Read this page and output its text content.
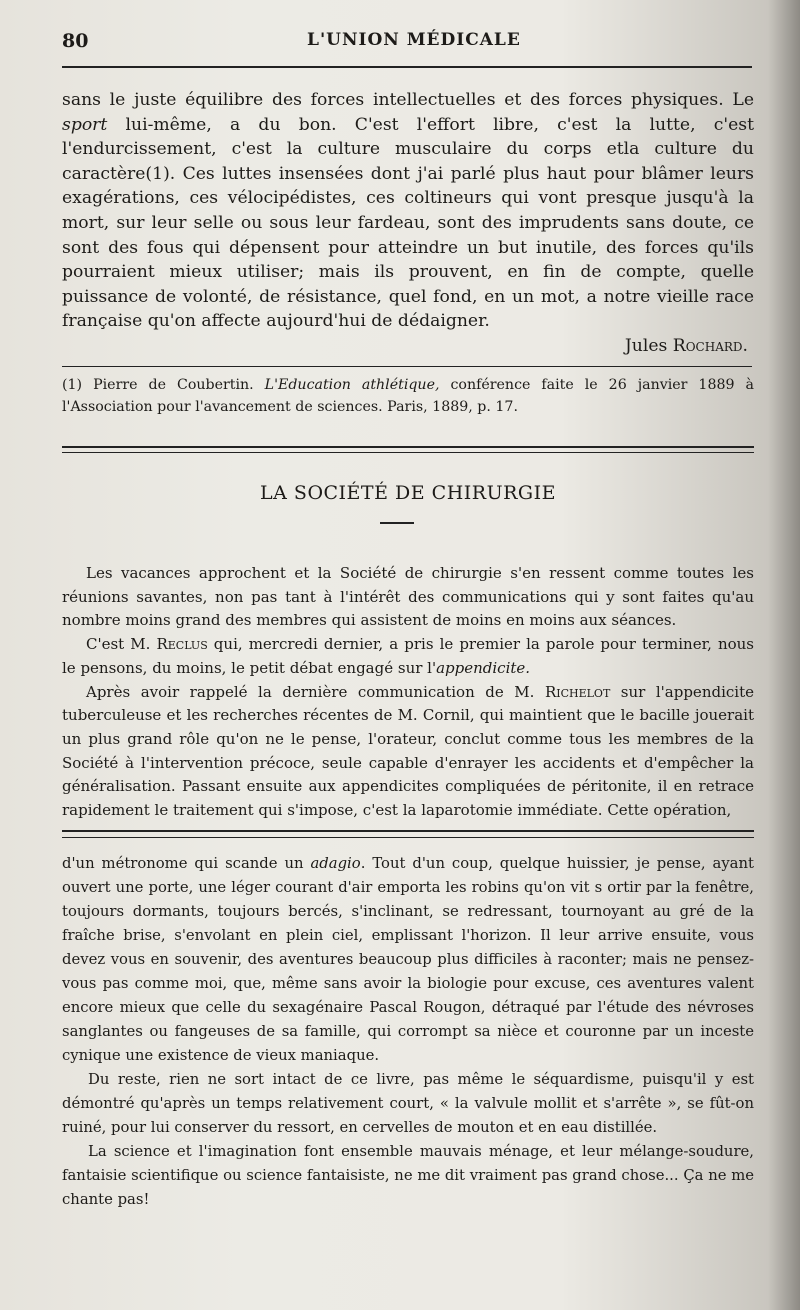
80	L'UNION MÉDICALE

sans le juste équilibre des forces intellectuelles et des forces physiques. Le sport lui-même, a du bon. C'est l'effort libre, c'est la lutte, c'est l'endurcissement, c'est la culture musculaire du corps etla culture du caractère(1). Ces luttes insensées dont j'ai parlé plus haut pour blâmer leurs exagérations, ces vélocipédistes, ces coltineurs qui vont presque jusqu'à la mort, sur leur selle ou sous leur fardeau, sont des imprudents sans doute, ce sont des fous qui dépensent pour atteindre un but inutile, des forces qu'ils pourraient mieux utiliser; mais ils prouvent, en fin de compte, quelle puissance de volonté, de résistance, quel fond, en un mot, a notre vieille race française qu'on affecte aujourd'hui de dédaigner.

Jules Rochard.

(1) Pierre de Coubertin. L'Education athlétique, conférence faite le 26 janvier 1889 à l'Association pour l'avancement de sciences. Paris, 1889, p. 17.

LA SOCIÉTÉ DE CHIRURGIE

Les vacances approchent et la Société de chirurgie s'en ressent comme toutes les réunions savantes, non pas tant à l'intérêt des communications qui y sont faites qu'au nombre moins grand des membres qui assistent de moins en moins aux séances.

C'est M. Reclus qui, mercredi dernier, a pris le premier la parole pour terminer, nous le pensons, du moins, le petit débat engagé sur l'appendicite.

Après avoir rappelé la dernière communication de M. Richelot sur l'appendicite tuberculeuse et les recherches récentes de M. Cornil, qui maintient que le bacille jouerait un plus grand rôle qu'on ne le pense, l'orateur, conclut comme tous les membres de la Société à l'intervention précoce, seule capable d'enrayer les accidents et d'empêcher la généralisation. Passant ensuite aux appendicites compliquées de péritonite, il en retrace rapidement le traitement qui s'impose, c'est la laparotomie immédiate. Cette opération,

d'un métronome qui scande un adagio. Tout d'un coup, quelque huissier, je pense, ayant ouvert une porte, une léger courant d'air emporta les robins qu'on vit s ortir par la fenêtre, toujours dormants, toujours bercés, s'inclinant, se redressant, tournoyant au gré de la fraîche brise, s'envolant en plein ciel, emplissant l'horizon. Il leur arrive ensuite, vous devez vous en souvenir, des aventures beaucoup plus difficiles à raconter; mais ne pensez-vous pas comme moi, que, même sans avoir la biologie pour excuse, ces aventures valent encore mieux que celle du sexagénaire Pascal Rougon, détraqué par l'étude des névroses sanglantes ou fangeuses de sa famille, qui corrompt sa nièce et couronne par un inceste cynique une existence de vieux maniaque.

Du reste, rien ne sort intact de ce livre, pas même le séquardisme, puisqu'il y est démontré qu'après un temps relativement court, « la valvule mollit et s'arrête », se fût-on ruiné, pour lui conserver du ressort, en cervelles de mouton et en eau distillée.

La science et l'imagination font ensemble mauvais ménage, et leur mélange-soudure, fantaisie scientifique ou science fantaisiste, ne me dit vraiment pas grand chose... Ça ne me chante pas!
